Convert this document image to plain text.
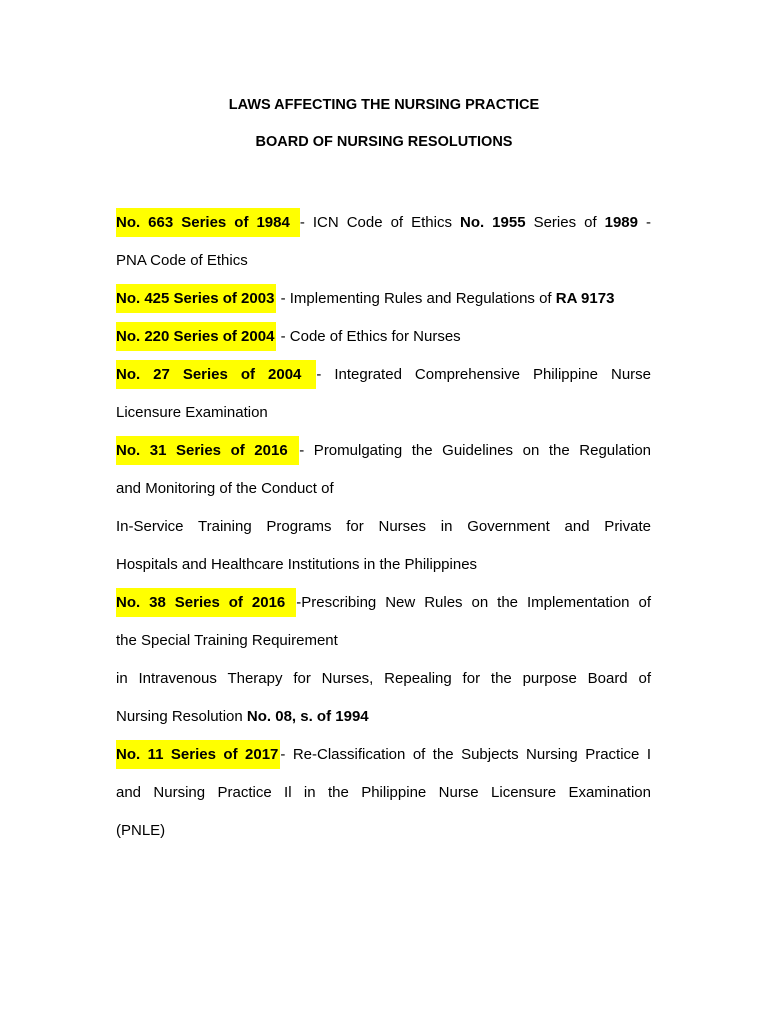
LAWS AFFECTING THE NURSING PRACTICE

BOARD OF NURSING RESOLUTIONS

No. 663 Series of 1984 - ICN Code of Ethics No. 1955 Series of 1989 -

PNA Code of Ethics

No. 425 Series of 2003 - Implementing Rules and Regulations of RA 9173

No. 220 Series of 2004 - Code of Ethics for Nurses

No. 27 Series of 2004 - Integrated Comprehensive Philippine Nurse

Licensure Examination

No. 31 Series of 2016 - Promulgating the Guidelines on the Regulation

and Monitoring of the Conduct of

In-Service Training Programs for Nurses in Government and Private

Hospitals and Healthcare Institutions in the Philippines

No. 38 Series of 2016 -Prescribing New Rules on the Implementation of

the Special Training Requirement

in Intravenous Therapy for Nurses, Repealing for the purpose Board of

Nursing Resolution No. 08, s. of 1994

No. 11 Series of 2017 - Re-Classification of the Subjects Nursing Practice I

and Nursing Practice Il in the Philippine Nurse Licensure Examination

(PNLE)
